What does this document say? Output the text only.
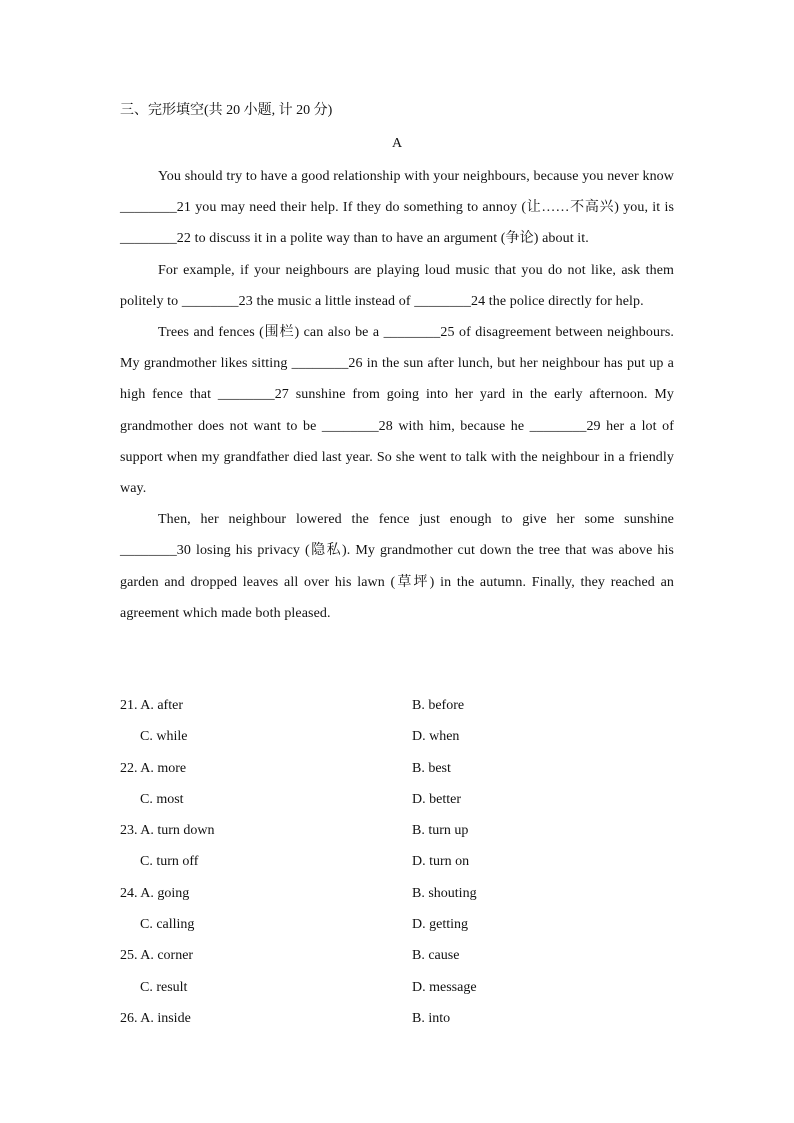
三、完形填空(共 20 小题, 计 20 分)
A

You should try to have a good relationship with your neighbours, because you never know ________21 you may need their help. If they do something to annoy (让……不高兴) you, it is ________22 to discuss it in a polite way than to have an argument (争论) about it.

For example, if your neighbours are playing loud music that you do not like, ask them politely to ________23 the music a little instead of ________24 the police directly for help.

Trees and fences (围栏) can also be a ________25 of disagreement between neighbours. My grandmother likes sitting ________26 in the sun after lunch, but her neighbour has put up a high fence that ________27 sunshine from going into her yard in the early afternoon. My grandmother does not want to be ________28 with him, because he ________29 her a lot of support when my grandfather died last year. So she went to talk with the neighbour in a friendly way.

Then, her neighbour lowered the fence just enough to give her some sunshine ________30 losing his privacy (隐私). My grandmother cut down the tree that was above his garden and dropped leaves all over his lawn (草坪) in the autumn. Finally, they reached an agreement which made both pleased.

21. A. after	B. before
C. while	D. when
22. A. more	B. best
C. most	D. better
23. A. turn down	B. turn up
C. turn off	D. turn on
24. A. going	B. shouting
C. calling	D. getting
25. A. corner	B. cause
C. result	D. message
26. A. inside	B. into
